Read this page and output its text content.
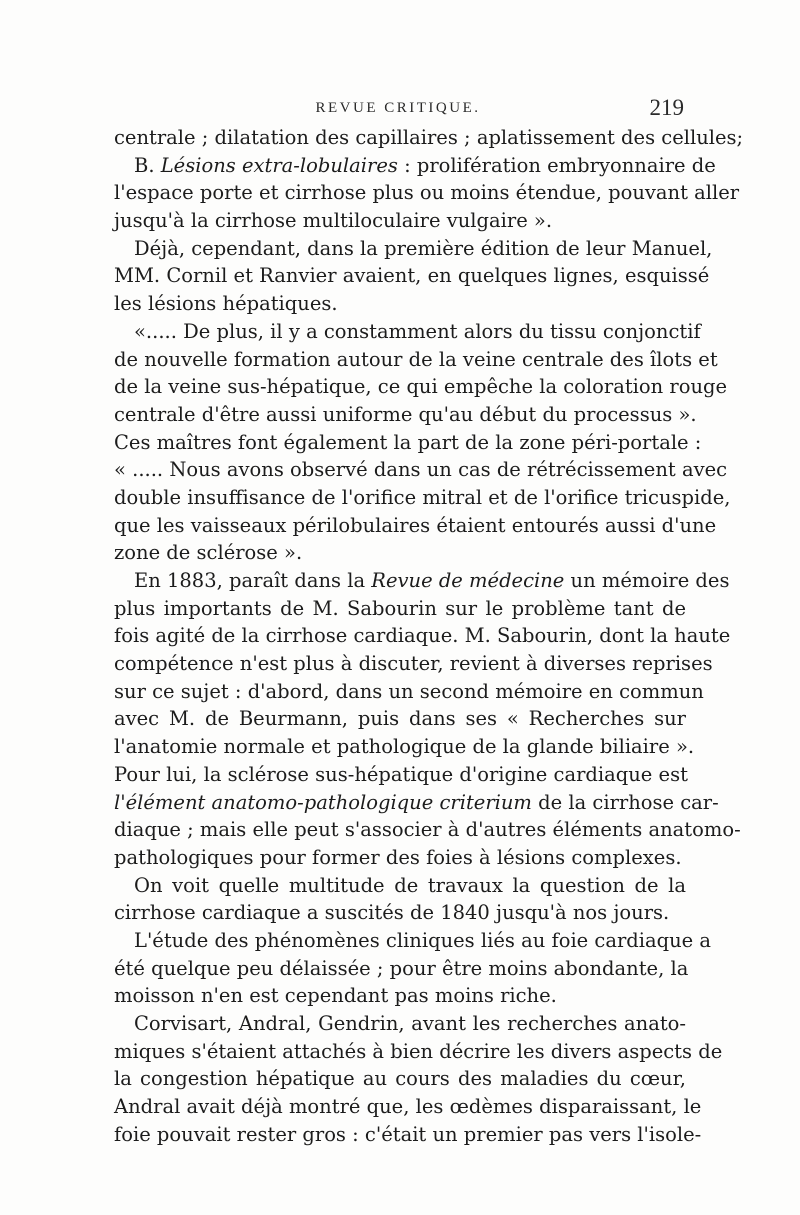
REVUE CRITIQUE.	219
centrale ; dilatation des capillaires ; aplatissement des cellules;
B. Lésions extra-lobulaires : prolifération embryonnaire de
l'espace porte et cirrhose plus ou moins étendue, pouvant aller
jusqu'à la cirrhose multiloculaire vulgaire ».
Déjà, cependant, dans la première édition de leur Manuel,
MM. Cornil et Ranvier avaient, en quelques lignes, esquissé
les lésions hépatiques.
«..... De plus, il y a constamment alors du tissu conjonctif
de nouvelle formation autour de la veine centrale des îlots et
de la veine sus-hépatique, ce qui empêche la coloration rouge
centrale d'être aussi uniforme qu'au début du processus ».
Ces maîtres font également la part de la zone péri-portale :
« ..... Nous avons observé dans un cas de rétrécissement avec
double insuffisance de l'orifice mitral et de l'orifice tricuspide,
que les vaisseaux périlobulaires étaient entourés aussi d'une
zone de sclérose ».
En 1883, paraît dans la Revue de médecine un mémoire des
plus importants de M. Sabourin sur le problème tant de
fois agité de la cirrhose cardiaque. M. Sabourin, dont la haute
compétence n'est plus à discuter, revient à diverses reprises
sur ce sujet : d'abord, dans un second mémoire en commun
avec M. de Beurmann, puis dans ses « Recherches sur
l'anatomie normale et pathologique de la glande biliaire ».
Pour lui, la sclérose sus-hépatique d'origine cardiaque est
l'élément anatomo-pathologique criterium de la cirrhose car-
diaque ; mais elle peut s'associer à d'autres éléments anatomo-
pathologiques pour former des foies à lésions complexes.
On voit quelle multitude de travaux la question de la
cirrhose cardiaque a suscités de 1840 jusqu'à nos jours.
L'étude des phénomènes cliniques liés au foie cardiaque a
été quelque peu délaissée ; pour être moins abondante, la
moisson n'en est cependant pas moins riche.
Corvisart, Andral, Gendrin, avant les recherches anato-
miques s'étaient attachés à bien décrire les divers aspects de
la congestion hépatique au cours des maladies du cœur,
Andral avait déjà montré que, les œdèmes disparaissant, le
foie pouvait rester gros : c'était un premier pas vers l'isole-
